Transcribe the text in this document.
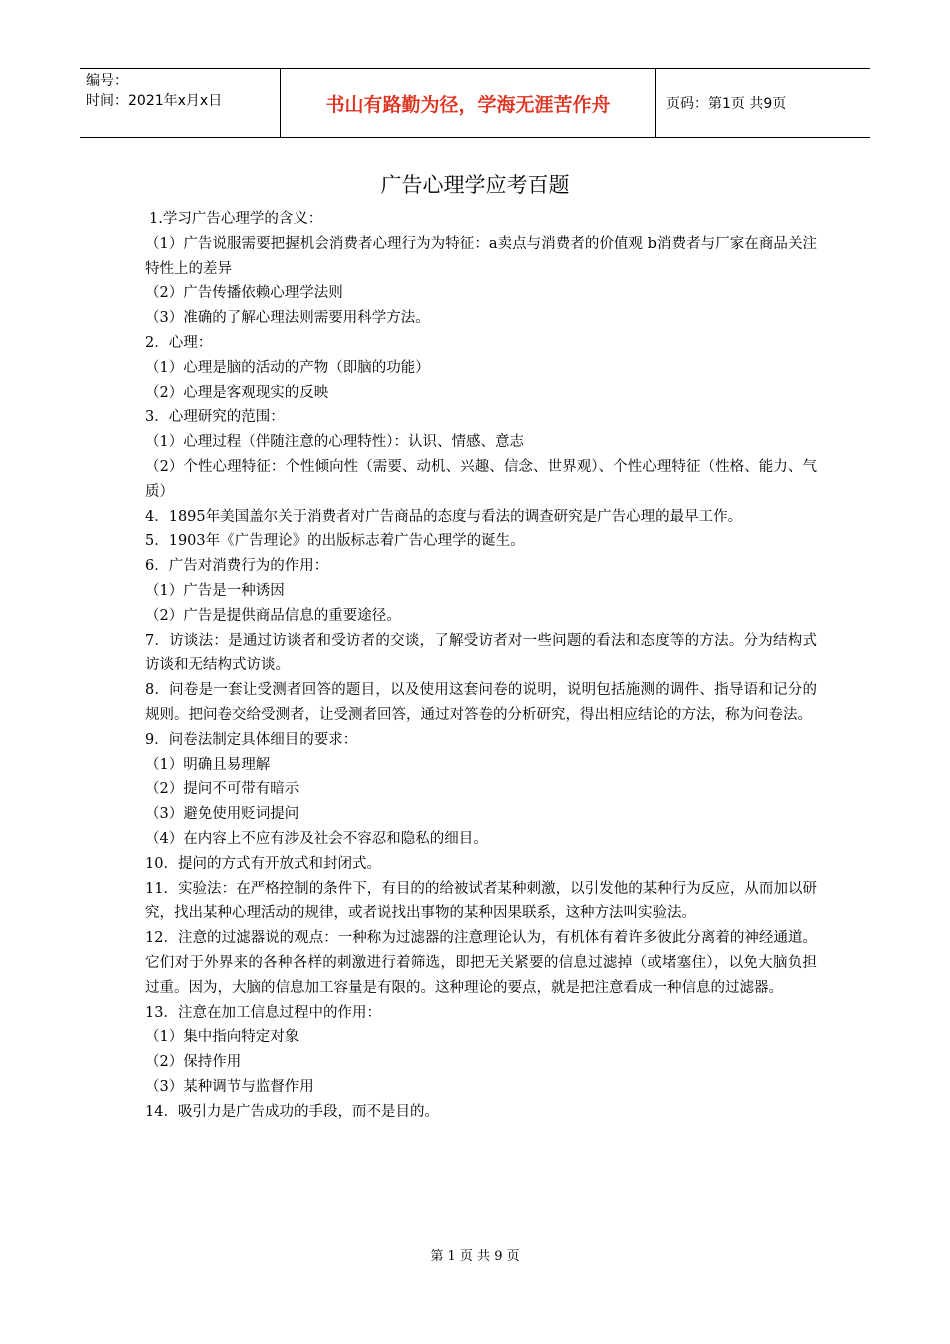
编号：
时间：2021年x月x日	书山有路勤为径，学海无涯苦作舟	页码：第1页 共9页
广告心理学应考百题

1.学习广告心理学的含义：

（1）广告说服需要把握机会消费者心理行为为特征：a卖点与消费者的价值观 b消费者与厂家在商品关注特性上的差异

（2）广告传播依赖心理学法则

（3）准确的了解心理法则需要用科学方法。

2．心理：

（1）心理是脑的活动的产物（即脑的功能）

（2）心理是客观现实的反映

3．心理研究的范围：

（1）心理过程（伴随注意的心理特性）：认识、情感、意志

（2）个性心理特征：个性倾向性（需要、动机、兴趣、信念、世界观）、个性心理特征（性格、能力、气质）

4．1895年美国盖尔关于消费者对广告商品的态度与看法的调查研究是广告心理的最早工作。

5．1903年《广告理论》的出版标志着广告心理学的诞生。

6．广告对消费行为的作用：

（1）广告是一种诱因

（2）广告是提供商品信息的重要途径。

7．访谈法：是通过访谈者和受访者的交谈，了解受访者对一些问题的看法和态度等的方法。分为结构式访谈和无结构式访谈。

8．问卷是一套让受测者回答的题目，以及使用这套问卷的说明，说明包括施测的调件、指导语和记分的规则。把问卷交给受测者，让受测者回答，通过对答卷的分析研究，得出相应结论的方法，称为问卷法。

9．问卷法制定具体细目的要求：

（1）明确且易理解

（2）提问不可带有暗示

（3）避免使用贬词提问

（4）在内容上不应有涉及社会不容忍和隐私的细目。

10．提问的方式有开放式和封闭式。

11．实验法：在严格控制的条件下，有目的的给被试者某种刺激，以引发他的某种行为反应，从而加以研究，找出某种心理活动的规律，或者说找出事物的某种因果联系，这种方法叫实验法。

12．注意的过滤器说的观点：一种称为过滤器的注意理论认为，有机体有着许多彼此分离着的神经通道。它们对于外界来的各种各样的刺激进行着筛选，即把无关紧要的信息过滤掉（或堵塞住），以免大脑负担过重。因为，大脑的信息加工容量是有限的。这种理论的要点，就是把注意看成一种信息的过滤器。

13．注意在加工信息过程中的作用：

（1）集中指向特定对象

（2）保持作用

（3）某种调节与监督作用

14．吸引力是广告成功的手段，而不是目的。

第 1 页 共 9 页
